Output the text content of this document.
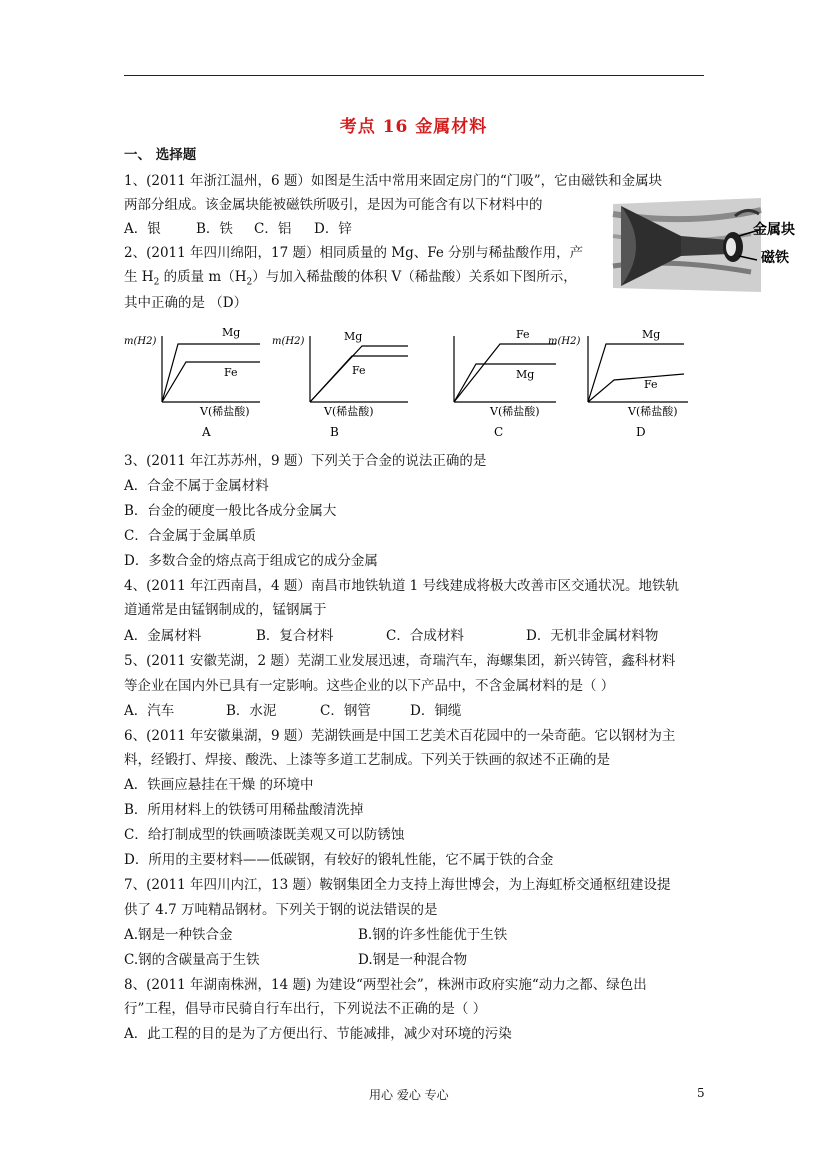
考点 16 金属材料
一、 选择题
1、(2011 年浙江温州，6 题）如图是生活中常用来固定房门的“门吸”，它由磁铁和金属块
两部分组成。该金属块能被磁铁所吸引，是因为可能含有以下材料中的
A．银	B．铁 C．铝 D．锌	金属块
磁铁
2、(2011 年四川绵阳，17 题）相同质量的 Mg、Fe 分别与稀盐酸作用，产
生 $H_2$ 的质量 $m(H_2)$与加入稀盐酸的体积 V（稀盐酸）关系如下图所示，
其中正确的是 （D）
m(H2)
Mg
Fe
V(稀盐酸)
A
m(H2)	Mg
Fe
V(稀盐酸)
B
Fe
Mg
V(稀盐酸)
C
m(H2)
Mg
Fe
V(稀盐酸)
D
3、(2011 年江苏苏州，9 题）下列关于合金的说法正确的是
A．合金不属于金属材料
B．台金的硬度一般比各成分金属大
C．合金属于金属单质
D．多数合金的熔点高于组成它的成分金属
4、(2011 年江西南昌，4 题）南昌市地铁轨道 1 号线建成将极大改善市区交通状况。地铁轨
道通常是由锰钢制成的，锰钢属于
A．金属材料	B．复合材料	C．合成材料	D．无机非金属材料物
5、(2011 安徽芜湖，2 题）芜湖工业发展迅速，奇瑞汽车，海螺集团，新兴铸管，鑫科材料
等企业在国内外已具有一定影响。这些企业的以下产品中，不含金属材料的是（ ）
A．汽车	B．水泥	C．钢管	D．铜缆
6、(2011 年安徽巢湖，9 题）芜湖铁画是中国工艺美术百花园中的一朵奇葩。它以钢材为主
料，经锻打、焊接、酸洗、上漆等多道工艺制成。下列关于铁画的叙述不正确的是
A．铁画应悬挂在干燥 的环境中
B．所用材料上的铁锈可用稀盐酸清洗掉
C．给打制成型的铁画喷漆既美观又可以防锈蚀
D．所用的主要材料——低碳钢，有较好的锻轧性能，它不属于铁的合金
7、(2011 年四川内江，13 题）鞍钢集团全力支持上海世博会，为上海虹桥交通枢纽建设提
供了 4.7 万吨精品钢材。下列关于钢的说法错误的是
A.钢是一种铁合金	B.钢的许多性能优于生铁
C.钢的含碳量高于生铁	D.钢是一种混合物
8、(2011 年湖南株洲，14 题) 为建设“两型社会”，株洲市政府实施“动力之都、绿色出
行”工程，倡导市民骑自行车出行，下列说法不正确的是（ ）
A．此工程的目的是为了方便出行、节能减排，减少对环境的污染
用心 爱心 专心	5
